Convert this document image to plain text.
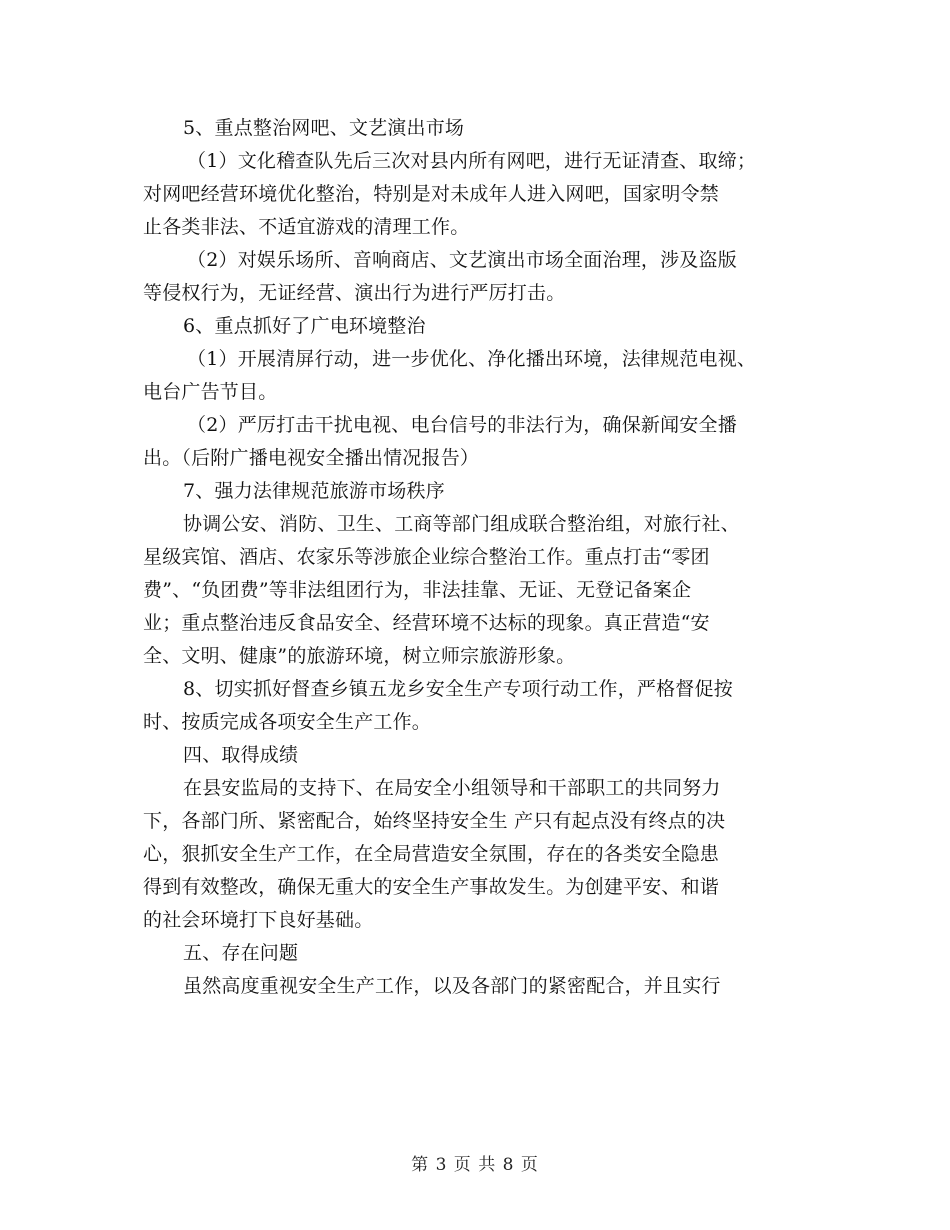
5、重点整治网吧、文艺演出市场
（1）文化稽查队先后三次对县内所有网吧，进行无证清查、取缔；
对网吧经营环境优化整治，特别是对未成年人进入网吧，国家明令禁
止各类非法、不适宜游戏的清理工作。
（2）对娱乐场所、音响商店、文艺演出市场全面治理，涉及盗版
等侵权行为，无证经营、演出行为进行严厉打击。
6、重点抓好了广电环境整治
（1）开展清屏行动，进一步优化、净化播出环境，法律规范电视、
电台广告节目。
（2）严厉打击干扰电视、电台信号的非法行为，确保新闻安全播
出。（后附广播电视安全播出情况报告）
7、强力法律规范旅游市场秩序
协调公安、消防、卫生、工商等部门组成联合整治组，对旅行社、
星级宾馆、酒店、农家乐等涉旅企业综合整治工作。重点打击“零团
费”、“负团费”等非法组团行为，非法挂靠、无证、无登记备案企
业；重点整治违反食品安全、经营环境不达标的现象。真正营造“安
全、文明、健康”的旅游环境，树立师宗旅游形象。
8、切实抓好督查乡镇五龙乡安全生产专项行动工作，严格督促按
时、按质完成各项安全生产工作。
四、取得成绩
在县安监局的支持下、在局安全小组领导和干部职工的共同努力
下，各部门所、紧密配合，始终坚持安全生 产只有起点没有终点的决
心，狠抓安全生产工作，在全局营造安全氛围，存在的各类安全隐患
得到有效整改，确保无重大的安全生产事故发生。为创建平安、和谐
的社会环境打下良好基础。
五、存在问题
虽然高度重视安全生产工作，以及各部门的紧密配合，并且实行
第 3 页 共 8 页
